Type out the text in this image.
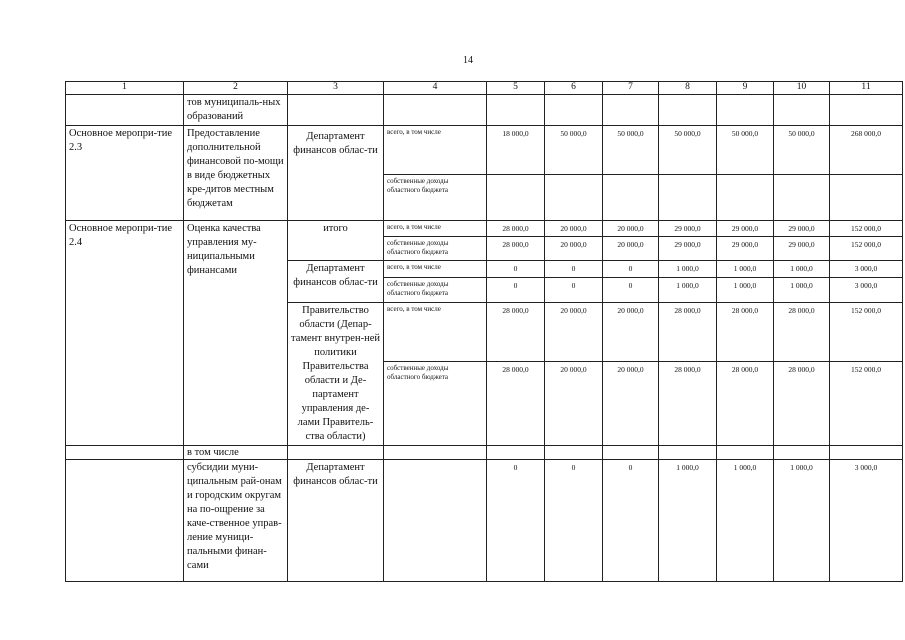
14
1	2	3	4	5	6	7	8	9	10	11
	тов муниципаль-ных образований									
Основное меропри-тие 2.3	Предоставление дополнительной финансовой по-мощи в виде бюджетных кре-дитов местным бюджетам	Департамент финансов облас-ти	всего, в том числе	18 000,0	50 000,0	50 000,0	50 000,0	50 000,0	50 000,0	268 000,0
			собственные доходы областного бюджета							
Основное меропри-тие 2.4	Оценка качества управления му-ниципальными финансами	итого	всего, в том числе	28 000,0	20 000,0	20 000,0	29 000,0	29 000,0	29 000,0	152 000,0
			собственные доходы областного бюджета	28 000,0	20 000,0	20 000,0	29 000,0	29 000,0	29 000,0	152 000,0
		Департамент финансов облас-ти	всего, в том числе	0	0	0	1 000,0	1 000,0	1 000,0	3 000,0
			собственные доходы областного бюджета	0	0	0	1 000,0	1 000,0	1 000,0	3 000,0
		Правительство области (Депар-тамент внутрен-ней политики Правительства области и Де-партамент управления де-лами Правитель-ства области)	всего, в том числе	28 000,0	20 000,0	20 000,0	28 000,0	28 000,0	28 000,0	152 000,0
			собственные доходы областного бюджета	28 000,0	20 000,0	20 000,0	28 000,0	28 000,0	28 000,0	152 000,0
	в том числе									
	субсидии муни-ципальным рай-онам и городским округам на по-ощрение за каче-ственное управ-ление муници-пальными финан-сами	Департамент финансов облас-ти		0	0	0	1 000,0	1 000,0	1 000,0	3 000,0
